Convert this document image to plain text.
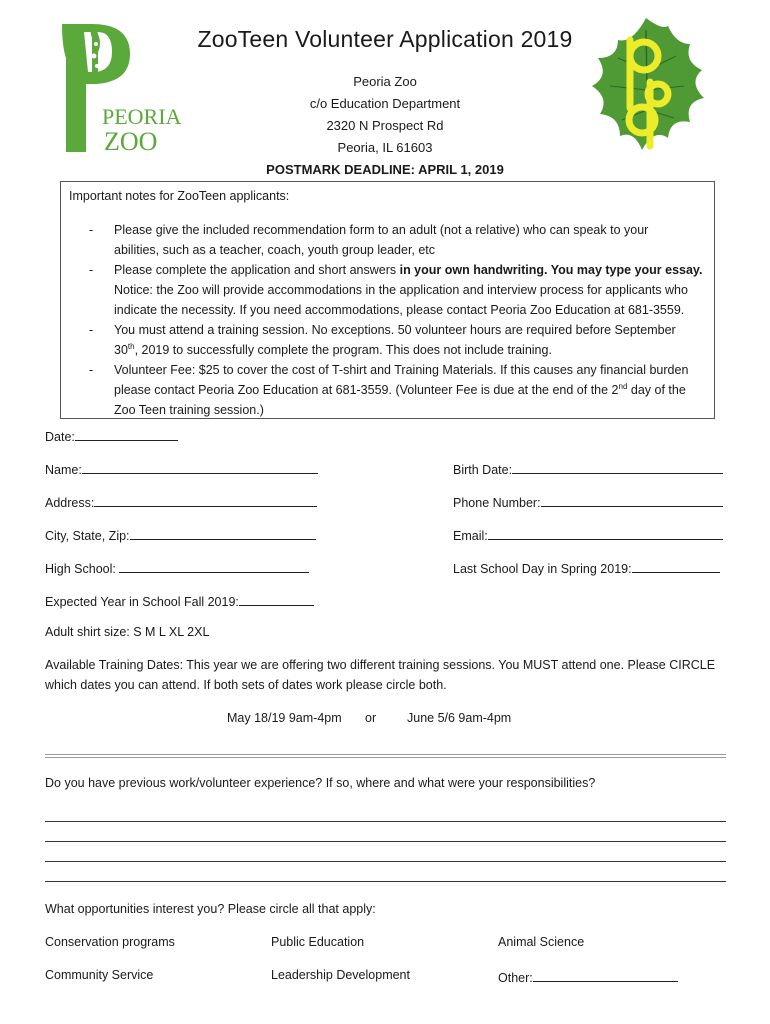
PEORIA
ZOO
ZooTeen Volunteer Application 2019
Peoria Zoo
c/o Education Department
2320 N Prospect Rd
Peoria, IL 61603
POSTMARK DEADLINE: APRIL 1, 2019
Important notes for ZooTeen applicants:
- Please give the included recommendation form to an adult (not a relative) who can speak to your
abilities, such as a teacher, coach, youth group leader, etc
- Please complete the application and short answers in your own handwriting. You may type your essay.
Notice: the Zoo will provide accommodations in the application and interview process for applicants who
indicate the necessity. If you need accommodations, please contact Peoria Zoo Education at 681-3559.
- You must attend a training session. No exceptions. 50 volunteer hours are required before September
30th, 2019 to successfully complete the program. This does not include training.
- Volunteer Fee: $25 to cover the cost of T-shirt and Training Materials. If this causes any financial burden
please contact Peoria Zoo Education at 681-3559. (Volunteer Fee is due at the end of the 2nd day of the
Zoo Teen training session.)
Date:
Name:	Birth Date:
Address:	Phone Number:
City, State, Zip:	Email:
High School:	Last School Day in Spring 2019:
Expected Year in School Fall 2019:
Adult shirt size: S M L XL 2XL
Available Training Dates: This year we are offering two different training sessions. You MUST attend one. Please CIRCLE
which dates you can attend. If both sets of dates work please circle both.
May 18/19 9am-4pm or June 5/6 9am-4pm
Do you have previous work/volunteer experience? If so, where and what were your responsibilities?
What opportunities interest you? Please circle all that apply:
Conservation programs	Public Education	Animal Science
Community Service	Leadership Development	Other:
